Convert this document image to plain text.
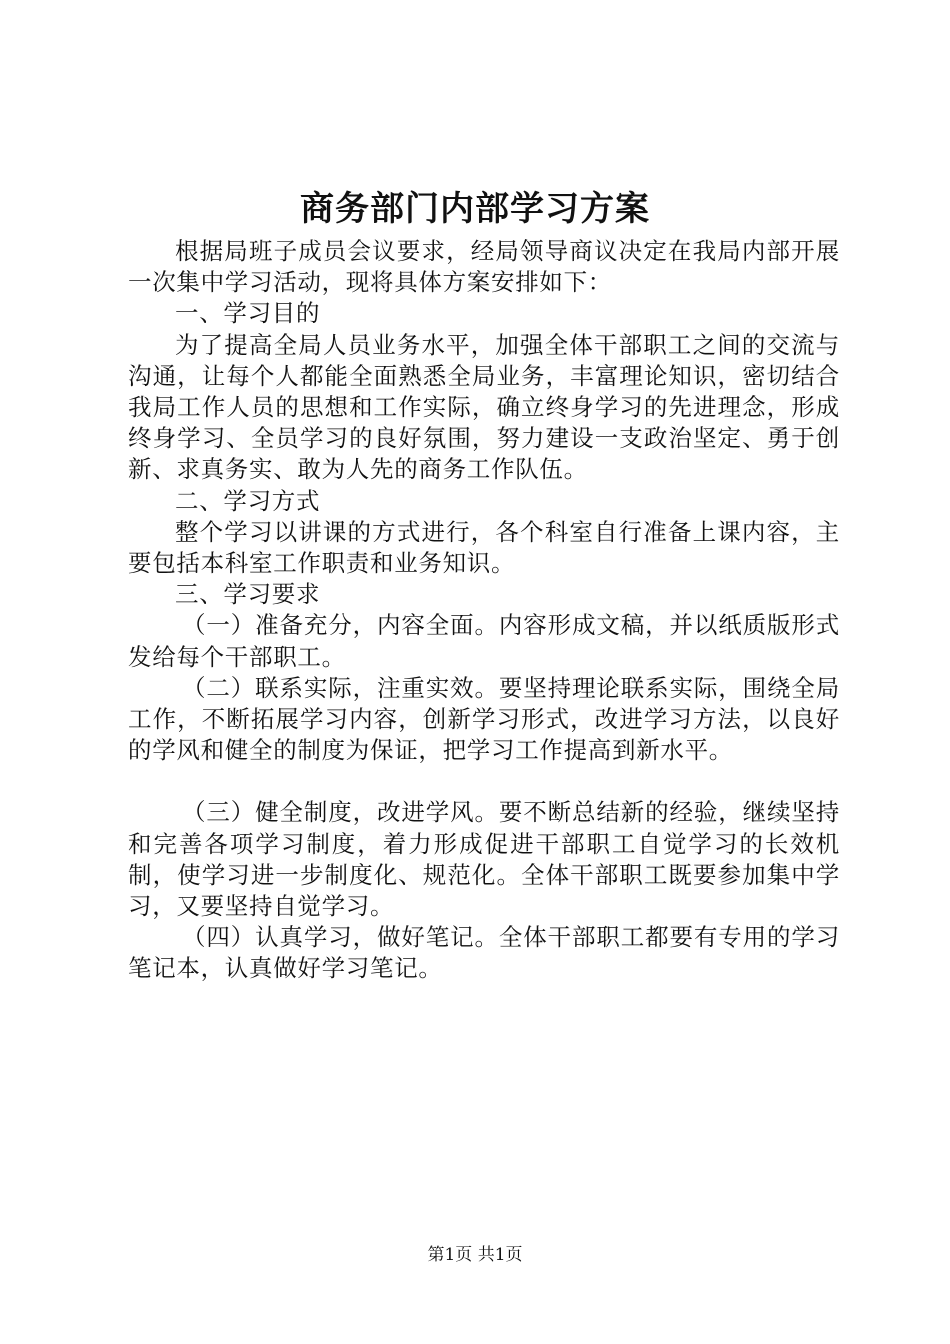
商务部门内部学习方案

根据局班子成员会议要求，经局领导商议决定在我局内部开展一次集中学习活动，现将具体方案安排如下：

一、学习目的

为了提高全局人员业务水平，加强全体干部职工之间的交流与沟通，让每个人都能全面熟悉全局业务，丰富理论知识，密切结合我局工作人员的思想和工作实际，确立终身学习的先进理念，形成终身学习、全员学习的良好氛围，努力建设一支政治坚定、勇于创新、求真务实、敢为人先的商务工作队伍。

二、学习方式

整个学习以讲课的方式进行，各个科室自行准备上课内容，主要包括本科室工作职责和业务知识。

三、学习要求

（一）准备充分，内容全面。内容形成文稿，并以纸质版形式发给每个干部职工。

（二）联系实际，注重实效。要坚持理论联系实际，围绕全局工作，不断拓展学习内容，创新学习形式，改进学习方法，以良好的学风和健全的制度为保证，把学习工作提高到新水平。

（三）健全制度，改进学风。要不断总结新的经验，继续坚持和完善各项学习制度，着力形成促进干部职工自觉学习的长效机制，使学习进一步制度化、规范化。全体干部职工既要参加集中学习，又要坚持自觉学习。

（四）认真学习，做好笔记。全体干部职工都要有专用的学习笔记本，认真做好学习笔记。

第1页 共1页
